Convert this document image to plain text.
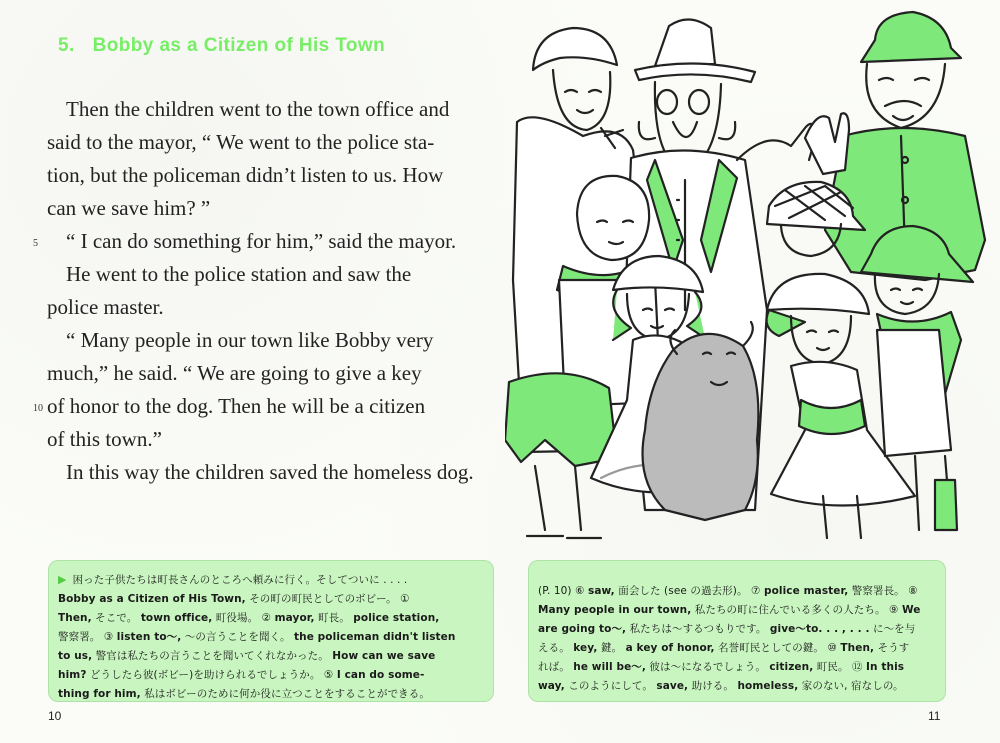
5. Bobby as a Citizen of His Town
Then the children went to the town office and
said to the mayor, “ We went to the police sta-
tion, but the policeman didn’t listen to us. How
can we save him? ”
5 “ I can do something for him,” said the mayor.
He went to the police station and saw the
police master.
“ Many people in our town like Bobby very
much,” he said. “ We are going to give a key
10 of honor to the dog. Then he will be a citizen
of this town.”
In this way the children saved the homeless dog.
▶ 困った子供たちは町長さんのところへ頼みに行く。そしてついに . . . .
Bobby as a Citizen of His Town, その町の町民としてのボビー。 ①
Then, そこで。 town office, 町役場。 ② mayor, 町長。 police station,
警察署。 ③ listen to～, ～の言うことを聞く。 the policeman didn't listen
to us, 警官は私たちの言うことを聞いてくれなかった。 How can we save
him? どうしたら彼(ボビー)を助けられるでしょうか。 ⑤ I can do some-
thing for him, 私はボビーのために何か役に立つことをすることができる。
(P. 10) ⑥ saw, 面会した (see の過去形)。 ⑦ police master, 警察署長。 ⑧
Many people in our town, 私たちの町に住んでいる多くの人たち。 ⑨ We
are going to～, 私たちは～するつもりです。 give～to. . . , . . . に～を与
える。 key, 鍵。 a key of honor, 名誉町民としての鍵。 ⑩ Then, そうす
れば。 he will be～, 彼は～になるでしょう。 citizen, 町民。 ⑫ In this
way, このようにして。 save, 助ける。 homeless, 家のない, 宿なしの。
10	11
